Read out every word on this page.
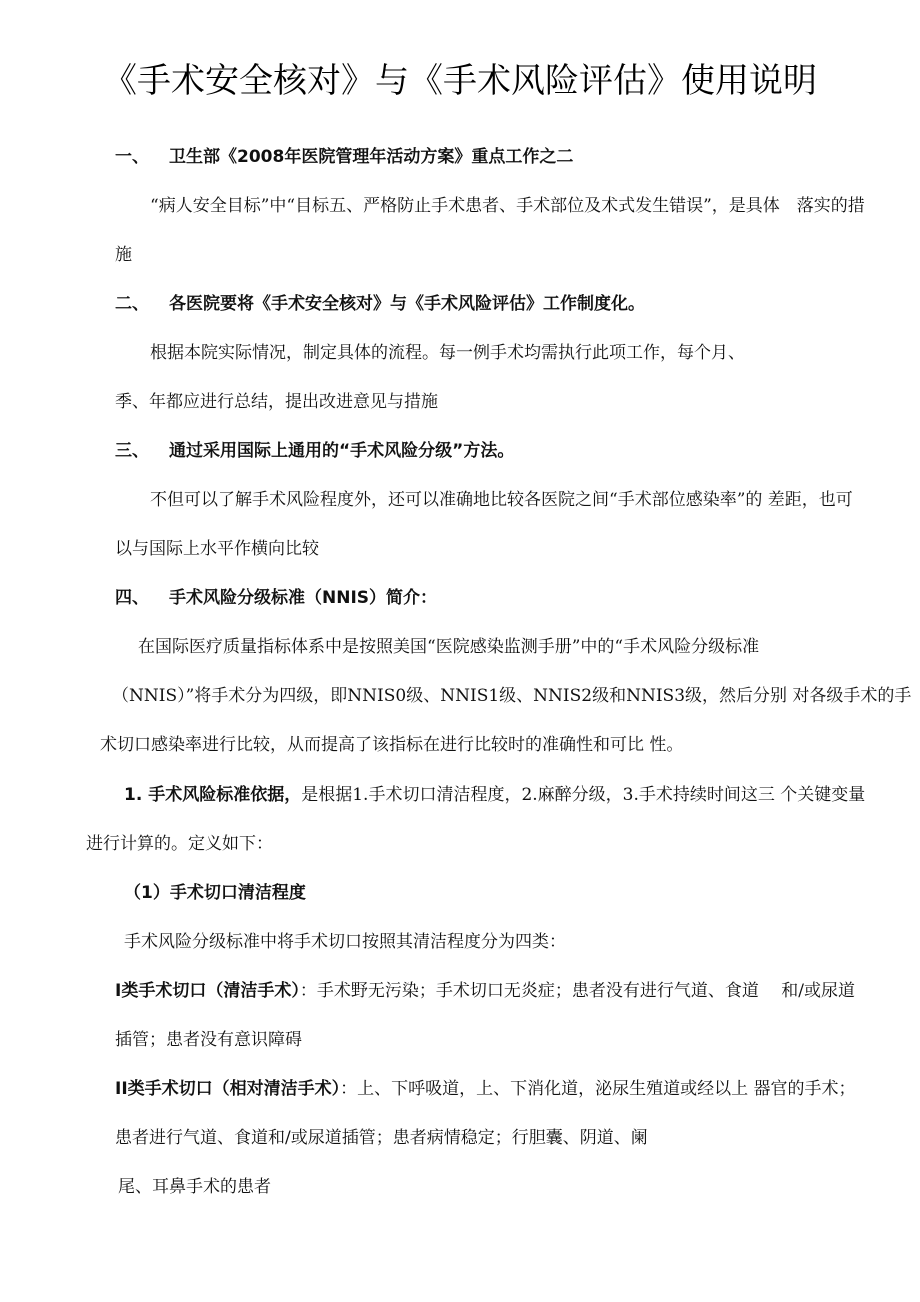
《手术安全核对》与《手术风险评估》使用说明
一、 卫生部《2008年医院管理年活动方案》重点工作之二
“病人安全目标”中“目标五、严格防止手术患者、手术部位及术式发生错误”，是具体　落实的措
施
二、 各医院要将《手术安全核对》与《手术风险评估》工作制度化。
根据本院实际情况，制定具体的流程。每一例手术均需执行此项工作，每个月、
季、年都应进行总结，提出改进意见与措施
三、 通过采用国际上通用的“手术风险分级”方法。
不但可以了解手术风险程度外，还可以准确地比较各医院之间“手术部位感染率”的 差距，也可
以与国际上水平作横向比较
四、 手术风险分级标准（NNIS）简介：
在国际医疗质量指标体系中是按照美国“医院感染监测手册”中的“手术风险分级标准
（NNIS）”将手术分为四级，即NNIS0级、NNIS1级、NNIS2级和NNIS3级，然后分别 对各级手术的手
术切口感染率进行比较，从而提高了该指标在进行比较时的准确性和可比 性。
1. 手术风险标准依据，是根据1.手术切口清洁程度，2.麻醉分级，3.手术持续时间这三 个关键变量
进行计算的。定义如下：
（1）手术切口清洁程度
手术风险分级标准中将手术切口按照其清洁程度分为四类：
I类手术切口（清洁手术）：手术野无污染；手术切口无炎症；患者没有进行气道、食道　 和/或尿道
插管；患者没有意识障碍
II类手术切口（相对清洁手术）：上、下呼吸道，上、下消化道，泌尿生殖道或经以上 器官的手术；
患者进行气道、食道和/或尿道插管；患者病情稳定；行胆囊、阴道、阑
尾、耳鼻手术的患者
